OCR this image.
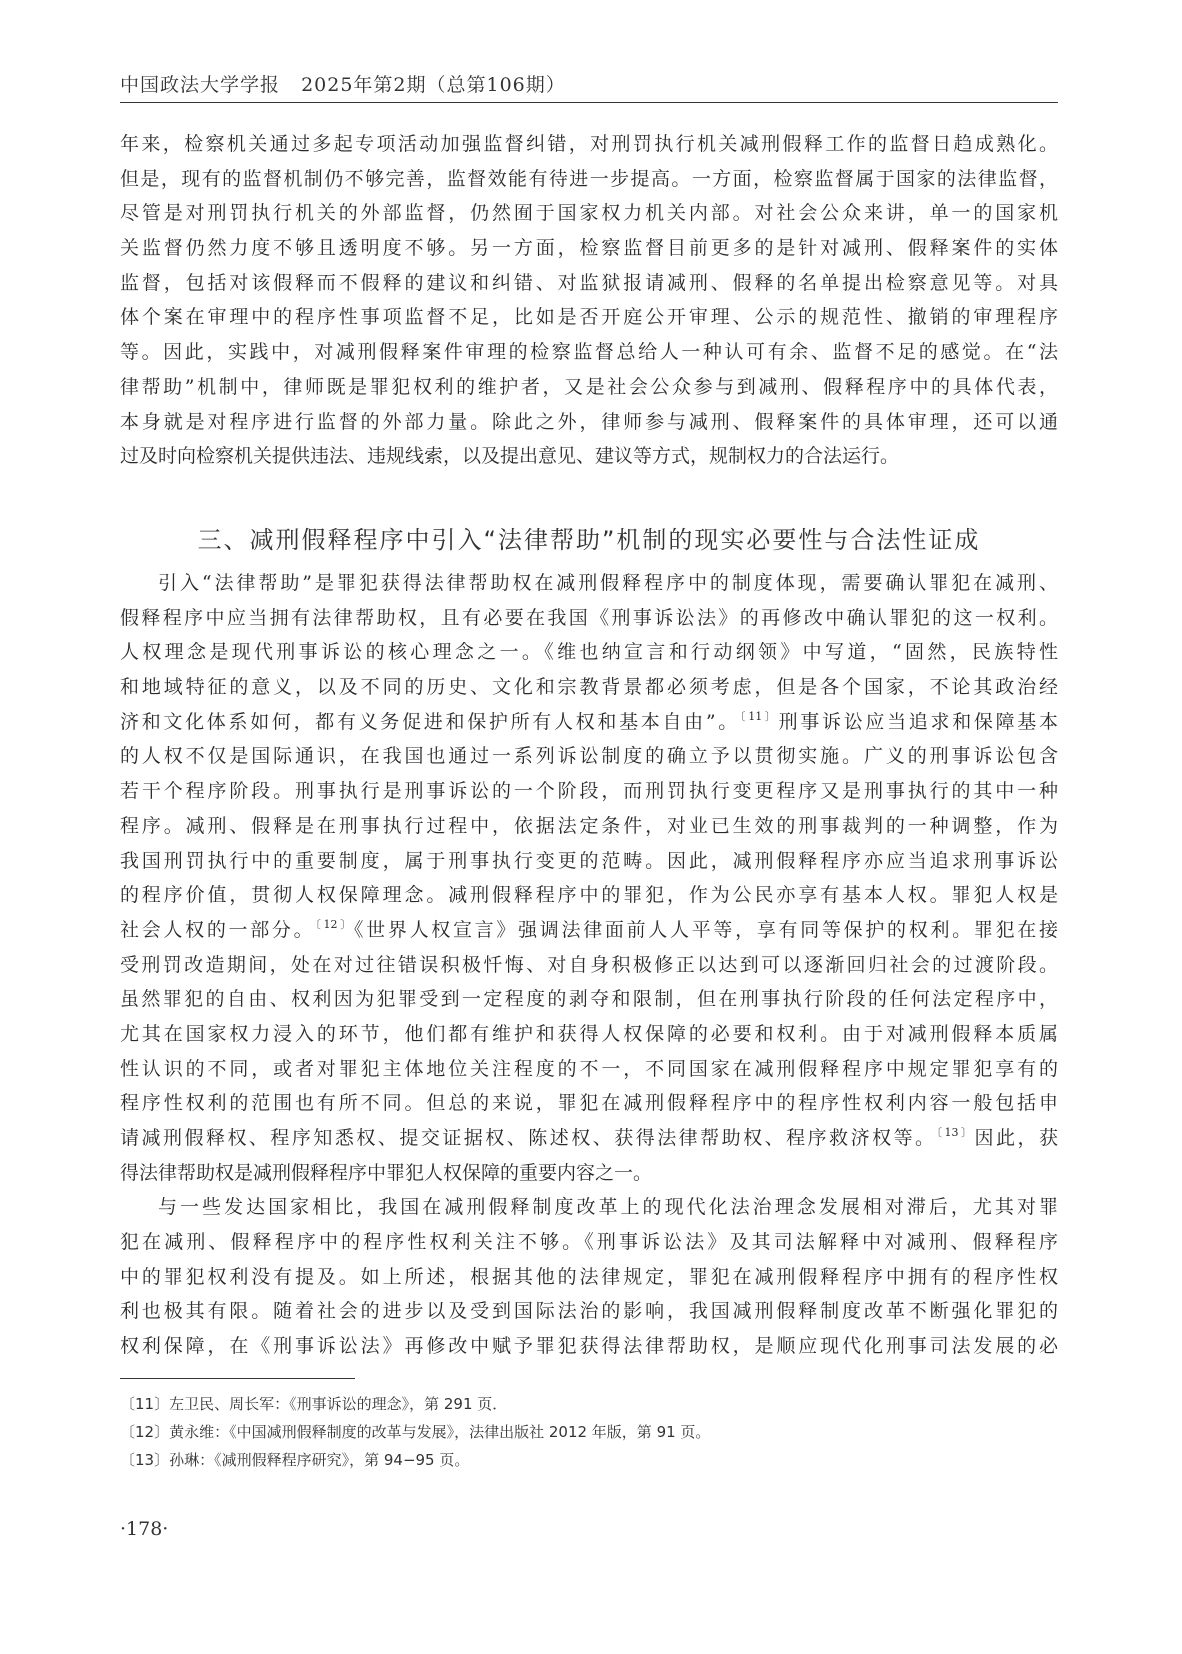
中国政法大学学报 2025年第2期（总第106期）
年来，检察机关通过多起专项活动加强监督纠错，对刑罚执行机关减刑假释工作的监督日趋成熟化。
但是，现有的监督机制仍不够完善，监督效能有待进一步提高。一方面，检察监督属于国家的法律监督，
尽管是对刑罚执行机关的外部监督，仍然囿于国家权力机关内部。对社会公众来讲，单一的国家机
关监督仍然力度不够且透明度不够。另一方面，检察监督目前更多的是针对减刑、假释案件的实体
监督，包括对该假释而不假释的建议和纠错、对监狱报请减刑、假释的名单提出检察意见等。对具
体个案在审理中的程序性事项监督不足，比如是否开庭公开审理、公示的规范性、撤销的审理程序
等。因此，实践中，对减刑假释案件审理的检察监督总给人一种认可有余、监督不足的感觉。在“法
律帮助”机制中，律师既是罪犯权利的维护者，又是社会公众参与到减刑、假释程序中的具体代表，
本身就是对程序进行监督的外部力量。除此之外，律师参与减刑、假释案件的具体审理，还可以通
过及时向检察机关提供违法、违规线索，以及提出意见、建议等方式，规制权力的合法运行。
三、减刑假释程序中引入“法律帮助”机制的现实必要性与合法性证成
引入“法律帮助”是罪犯获得法律帮助权在减刑假释程序中的制度体现，需要确认罪犯在减刑、
假释程序中应当拥有法律帮助权，且有必要在我国《刑事诉讼法》的再修改中确认罪犯的这一权利。
人权理念是现代刑事诉讼的核心理念之一。《维也纳宣言和行动纲领》中写道，“固然，民族特性
和地域特征的意义，以及不同的历史、文化和宗教背景都必须考虑，但是各个国家，不论其政治经
济和文化体系如何，都有义务促进和保护所有人权和基本自由”。$^{〔11〕}$刑事诉讼应当追求和保障基本
的人权不仅是国际通识，在我国也通过一系列诉讼制度的确立予以贯彻实施。广义的刑事诉讼包含
若干个程序阶段。刑事执行是刑事诉讼的一个阶段，而刑罚执行变更程序又是刑事执行的其中一种
程序。减刑、假释是在刑事执行过程中，依据法定条件，对业已生效的刑事裁判的一种调整，作为
我国刑罚执行中的重要制度，属于刑事执行变更的范畴。因此，减刑假释程序亦应当追求刑事诉讼
的程序价值，贯彻人权保障理念。减刑假释程序中的罪犯，作为公民亦享有基本人权。罪犯人权是
社会人权的一部分。$^{〔12〕}$《世界人权宣言》强调法律面前人人平等，享有同等保护的权利。罪犯在接
受刑罚改造期间，处在对过往错误积极忏悔、对自身积极修正以达到可以逐渐回归社会的过渡阶段。
虽然罪犯的自由、权利因为犯罪受到一定程度的剥夺和限制，但在刑事执行阶段的任何法定程序中，
尤其在国家权力浸入的环节，他们都有维护和获得人权保障的必要和权利。由于对减刑假释本质属
性认识的不同，或者对罪犯主体地位关注程度的不一，不同国家在减刑假释程序中规定罪犯享有的
程序性权利的范围也有所不同。但总的来说，罪犯在减刑假释程序中的程序性权利内容一般包括申
请减刑假释权、程序知悉权、提交证据权、陈述权、获得法律帮助权、程序救济权等。$^{〔13〕}$因此，获
得法律帮助权是减刑假释程序中罪犯人权保障的重要内容之一。
与一些发达国家相比，我国在减刑假释制度改革上的现代化法治理念发展相对滞后，尤其对罪
犯在减刑、假释程序中的程序性权利关注不够。《刑事诉讼法》及其司法解释中对减刑、假释程序
中的罪犯权利没有提及。如上所述，根据其他的法律规定，罪犯在减刑假释程序中拥有的程序性权
利也极其有限。随着社会的进步以及受到国际法治的影响，我国减刑假释制度改革不断强化罪犯的
权利保障，在《刑事诉讼法》再修改中赋予罪犯获得法律帮助权，是顺应现代化刑事司法发展的必
〔11〕左卫民、周长军：《刑事诉讼的理念》，第 291 页．
〔12〕黄永维：《中国减刑假释制度的改革与发展》，法律出版社 2012 年版，第 91 页。
〔13〕孙琳：《减刑假释程序研究》，第 94−95 页。
·178·
